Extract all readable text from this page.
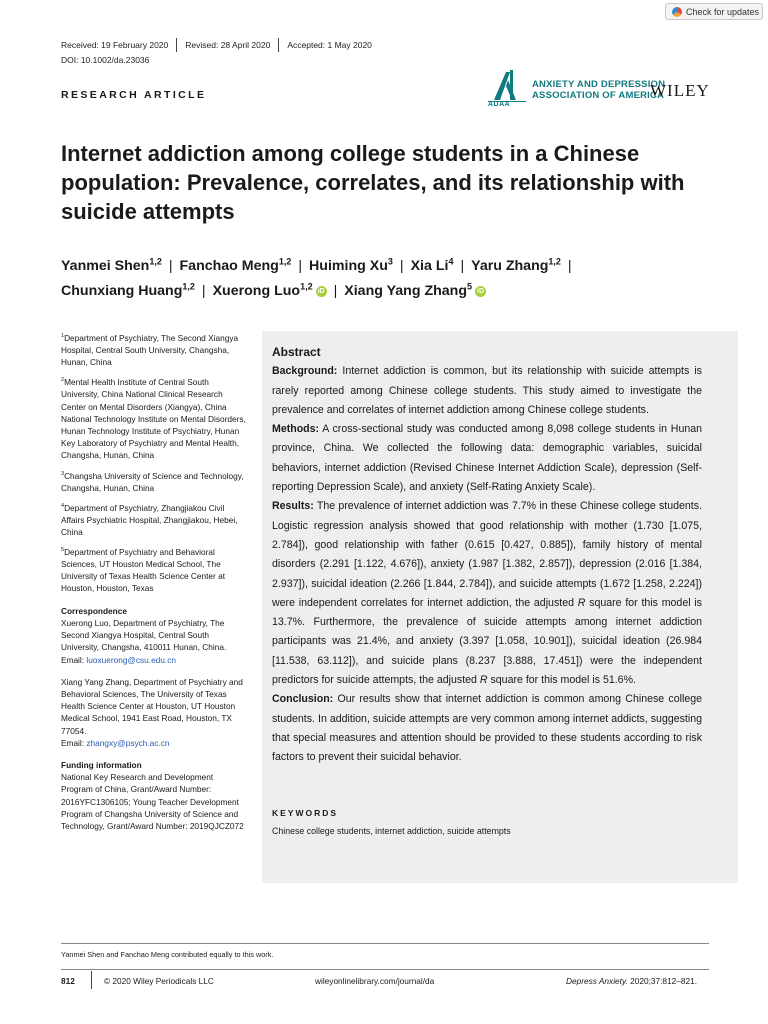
Check for updates
Received: 19 February 2020	Revised: 28 April 2020	Accepted: 1 May 2020
DOI: 10.1002/da.23036
RESEARCH ARTICLE
ADAA
ANXIETY AND DEPRESSION
ASSOCIATION OF AMERICA
WILEY
Internet addiction among college students in a Chinese population: Prevalence, correlates, and its relationship with suicide attempts
Yanmei Shen$^{1,2}$ | Fanchao Meng$^{1,2}$ | Huiming Xu$^3$ | Xia Li$^4$ | Yaru Zhang$^{1,2}$ |
Chunxiang Huang$^{1,2}$ | Xuerong Luo$^{1,2}$ iD | Xiang Yang Zhang$^5$ iD

$^1$Department of Psychiatry, The Second Xiangya Hospital, Central South University, Changsha, Hunan, China

$^2$Mental Health Institute of Central South University, China National Clinical Research Center on Mental Disorders (Xiangya), China National Technology Institute on Mental Disorders, Hunan Technology Institute of Psychiatry, Hunan Key Laboratory of Psychiatry and Mental Health, Changsha, Hunan, China

$^3$Changsha University of Science and Technology, Changsha, Hunan, China

$^4$Department of Psychiatry, Zhangjiakou Civil Affairs Psychiatric Hospital, Zhangjiakou, Hebei, China

$^5$Department of Psychiatry and Behavioral Sciences, UT Houston Medical School, The University of Texas Health Science Center at Houston, Houston, Texas

Correspondence

Xuerong Luo, Department of Psychiatry, The Second Xiangya Hospital, Central South University, Changsha, 410011 Hunan, China.
Email: luoxuerong@csu.edu.cn

Xiang Yang Zhang, Department of Psychiatry and Behavioral Sciences, The University of Texas Health Science Center at Houston, UT Houston Medical School, 1941 East Road, Houston, TX 77054.
Email: zhangxy@psych.ac.cn

Funding information

National Key Research and Development Program of China, Grant/Award Number: 2016YFC1306105; Young Teacher Development Program of Changsha University of Science and Technology, Grant/Award Number: 2019QJCZ072

Abstract

Background: Internet addiction is common, but its relationship with suicide attempts is rarely reported among Chinese college students. This study aimed to investigate the prevalence and correlates of internet addiction among Chinese college students.

Methods: A cross-sectional study was conducted among 8,098 college students in Hunan province, China. We collected the following data: demographic variables, suicidal behaviors, internet addiction (Revised Chinese Internet Addiction Scale), depression (Self-reporting Depression Scale), and anxiety (Self-Rating Anxiety Scale).

Results: The prevalence of internet addiction was 7.7% in these Chinese college students. Logistic regression analysis showed that good relationship with mother (1.730 [1.075, 2.784]), good relationship with father (0.615 [0.427, 0.885]), family history of mental disorders (2.291 [1.122, 4.676]), anxiety (1.987 [1.382, 2.857]), depression (2.016 [1.384, 2.937]), suicidal ideation (2.266 [1.844, 2.784]), and suicide attempts (1.672 [1.258, 2.224]) were independent correlates for internet addiction, the adjusted R square for this model is 13.7%. Furthermore, the prevalence of suicide attempts among internet addiction participants was 21.4%, and anxiety (3.397 [1.058, 10.901]), suicidal ideation (26.984 [11.538, 63.112]), and suicide plans (8.237 [3.888, 17.451]) were the independent predictors for suicide attempts, the adjusted R square for this model is 51.6%.

Conclusion: Our results show that internet addiction is common among Chinese college students. In addition, suicide attempts are very common among internet addicts, suggesting that special measures and attention should be provided to these students according to risk factors to prevent their suicidal behavior.

KEYWORDS
Chinese college students, internet addiction, suicide attempts
Yanmei Shen and Fanchao Meng contributed equally to this work.
812	© 2020 Wiley Periodicals LLC	wileyonlinelibrary.com/journal/da	Depress Anxiety. 2020;37:812–821.
